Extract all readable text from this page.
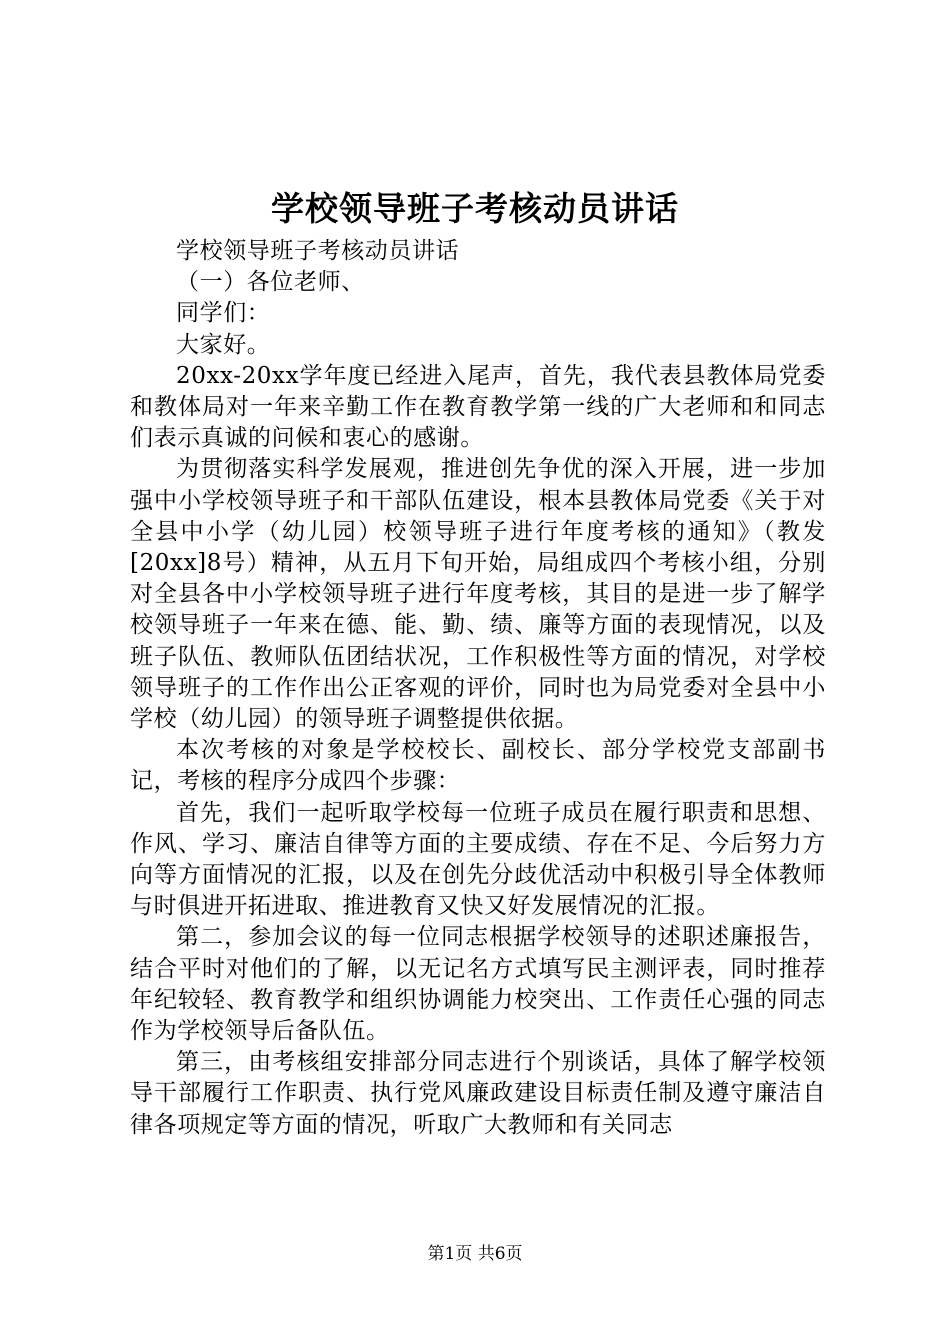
学校领导班子考核动员讲话

学校领导班子考核动员讲话

（一）各位老师、

同学们：

大家好。

20xx-20xx学年度已经进入尾声，首先，我代表县教体局党委和教体局对一年来辛勤工作在教育教学第一线的广大老师和和同志们表示真诚的问候和衷心的感谢。

为贯彻落实科学发展观，推进创先争优的深入开展，进一步加强中小学校领导班子和干部队伍建设，根本县教体局党委《关于对全县中小学（幼儿园）校领导班子进行年度考核的通知》（教发[20xx]8号）精神，从五月下旬开始，局组成四个考核小组，分别对全县各中小学校领导班子进行年度考核，其目的是进一步了解学校领导班子一年来在德、能、勤、绩、廉等方面的表现情况，以及班子队伍、教师队伍团结状况，工作积极性等方面的情况，对学校领导班子的工作作出公正客观的评价，同时也为局党委对全县中小学校（幼儿园）的领导班子调整提供依据。

本次考核的对象是学校校长、副校长、部分学校党支部副书记，考核的程序分成四个步骤：

首先，我们一起听取学校每一位班子成员在履行职责和思想、作风、学习、廉洁自律等方面的主要成绩、存在不足、今后努力方向等方面情况的汇报，以及在创先分歧优活动中积极引导全体教师与时俱进开拓进取、推进教育又快又好发展情况的汇报。

第二，参加会议的每一位同志根据学校领导的述职述廉报告，结合平时对他们的了解，以无记名方式填写民主测评表，同时推荐年纪较轻、教育教学和组织协调能力校突出、工作责任心强的同志作为学校领导后备队伍。

第三，由考核组安排部分同志进行个别谈话，具体了解学校领导干部履行工作职责、执行党风廉政建设目标责任制及遵守廉洁自律各项规定等方面的情况，听取广大教师和有关同志

第1页 共6页
